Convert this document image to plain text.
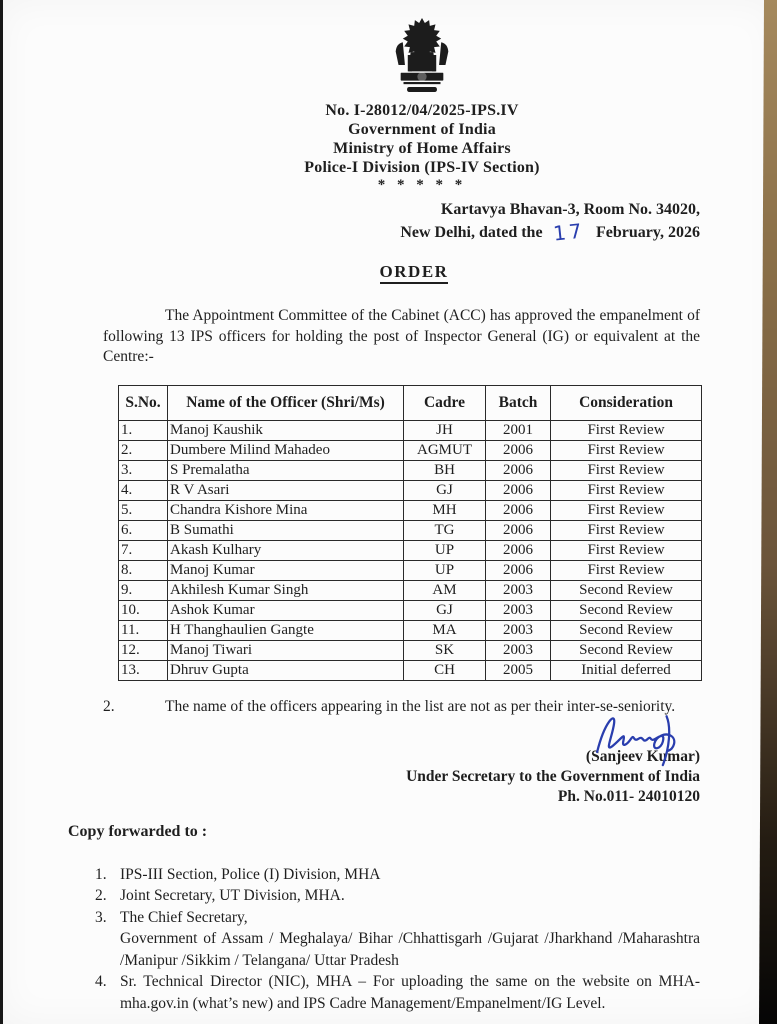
No. I-28012/04/2025-IPS.IV
Government of India
Ministry of Home Affairs
Police-I Division (IPS-IV Section)
* * * * *
Kartavya Bhavan-3, Room No. 34020,
New Delhi, dated the 17 February, 2026
ORDER
The Appointment Committee of the Cabinet (ACC) has approved the empanelment of following 13 IPS officers for holding the post of Inspector General (IG) or equivalent at the Centre:-
S.No.	Name of the Officer (Shri/Ms)	Cadre	Batch	Consideration
1.	Manoj Kaushik	JH	2001	First Review
2.	Dumbere Milind Mahadeo	AGMUT	2006	First Review
3.	S Premalatha	BH	2006	First Review
4.	R V Asari	GJ	2006	First Review
5.	Chandra Kishore Mina	MH	2006	First Review
6.	B Sumathi	TG	2006	First Review
7.	Akash Kulhary	UP	2006	First Review
8.	Manoj Kumar	UP	2006	First Review
9.	Akhilesh Kumar Singh	AM	2003	Second Review
10.	Ashok Kumar	GJ	2003	Second Review
11.	H Thanghaulien Gangte	MA	2003	Second Review
12.	Manoj Tiwari	SK	2003	Second Review
13.	Dhruv Gupta	CH	2005	Initial deferred
2.	The name of the officers appearing in the list are not as per their inter-se-seniority.
(Sanjeev Kumar)
Under Secretary to the Government of India
Ph. No.011- 24010120
Copy forwarded to :
1. IPS-III Section, Police (I) Division, MHA
2. Joint Secretary, UT Division, MHA.
3. The Chief Secretary,
Government of Assam / Meghalaya/ Bihar /Chhattisgarh /Gujarat /Jharkhand /Maharashtra /Manipur /Sikkim / Telangana/ Uttar Pradesh
4. Sr. Technical Director (NIC), MHA – For uploading the same on the website on MHA-mha.gov.in (what’s new) and IPS Cadre Management/Empanelment/IG Level.
